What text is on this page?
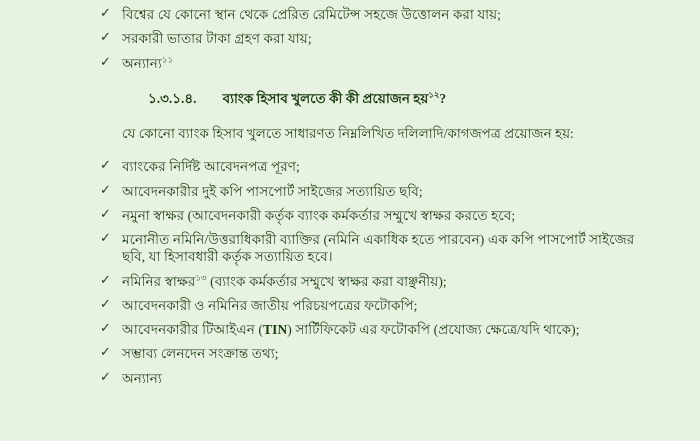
✓ বিশ্বের যে কোনো স্থান থেকে প্রেরিত রেমিটেন্স সহজে উত্তোলন করা যায়;
✓ সরকারী ভাতার টাকা গ্রহণ করা যায়;
✓ অন্যান্য$^{১১}$
১.৩.১.৪. ব্যাংক হিসাব খুলতে কী কী প্রয়োজন হয়$^{১২}$?

যে কোনো ব্যাংক হিসাব খুলতে সাধারণত নিম্নলিখিত দলিলাদি/কাগজপত্র প্রয়োজন হয়:

✓ ব্যাংকের নির্দিষ্ট আবেদনপত্র পূরণ;
✓ আবেদনকারীর দুই কপি পাসপোর্ট সাইজের সত্যায়িত ছবি;
✓ নমুনা স্বাক্ষর (আবেদনকারী কর্তৃক ব্যাংক কর্মকর্তার সম্মুখে স্বাক্ষর করতে হবে;
✓ মনোনীত নমিনি/উত্তরাধিকারী ব্যাক্তির (নমিনি একাধিক হতে পারবেন) এক কপি পাসপোর্ট সাইজের ছবি, যা হিসাবধারী কর্তৃক সত্যায়িত হবে।
✓ নমিনির স্বাক্ষর$^{১৩}$ (ব্যাংক কর্মকর্তার সম্মুখে স্বাক্ষর করা বাঞ্ছনীয়);
✓ আবেদনকারী ও নমিনির জাতীয় পরিচয়পত্রের ফটোকপি;
✓ আবেদনকারীর টিআইএন (TIN) সার্টিফিকেট এর ফটোকপি (প্রযোজ্য ক্ষেত্রে/যদি থাকে);
✓ সম্ভাব্য লেনদেন সংক্রান্ত তথ্য;
✓ অন্যান্য
